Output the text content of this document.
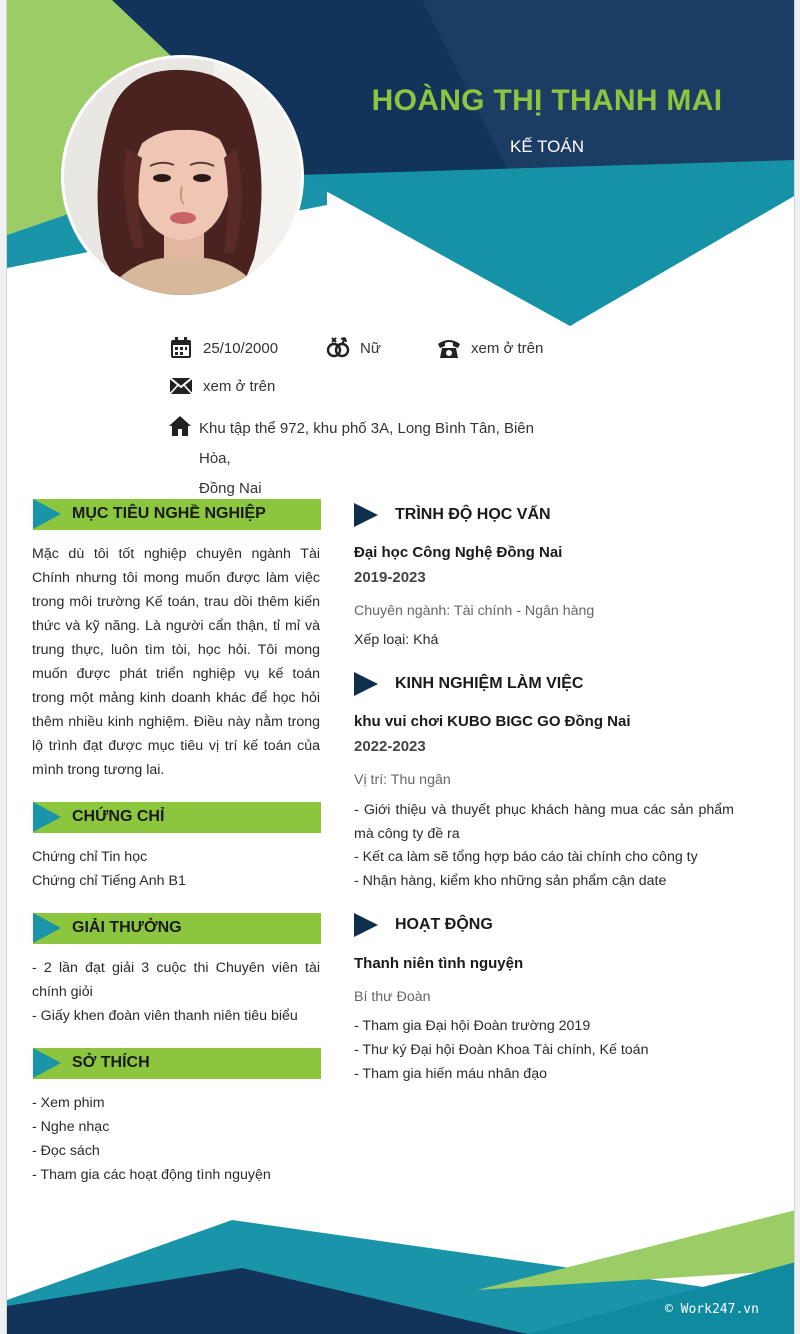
HOÀNG THỊ THANH MAI
KẾ TOÁN
25/10/2000	Nữ	xem ở trên
xem ở trên
Khu tập thể 972, khu phố 3A, Long Bình Tân, Biên Hòa,
Đồng Nai
MỤC TIÊU NGHỀ NGHIỆP
Mặc dù tôi tốt nghiệp chuyên ngành Tài Chính nhưng tôi mong muốn được làm việc trong môi trường Kế toán, trau dồi thêm kiến thức và kỹ năng. Là người cẩn thận, tỉ mỉ và trung thực, luôn tìm tòi, học hỏi. Tôi mong muốn được phát triển nghiệp vụ kế toán trong một mảng kinh doanh khác để học hỏi thêm nhiều kinh nghiệm. Điều này nằm trong lộ trình đạt được mục tiêu vị trí kế toán của mình trong tương lai.
CHỨNG CHỈ
Chứng chỉ Tin học
Chứng chỉ Tiếng Anh B1
GIẢI THƯỞNG
- 2 lần đạt giải 3 cuộc thi Chuyên viên tài chính giỏi
- Giấy khen đoàn viên thanh niên tiêu biểu
SỞ THÍCH
- Xem phim
- Nghe nhạc
- Đọc sách
- Tham gia các hoạt động tình nguyện
TRÌNH ĐỘ HỌC VẤN
Đại học Công Nghệ Đồng Nai
2019-2023
Chuyên ngành: Tài chính - Ngân hàng
Xếp loại: Khá
KINH NGHIỆM LÀM VIỆC
khu vui chơi KUBO BIGC GO Đồng Nai
2022-2023
Vị trí: Thu ngân
- Giới thiệu và thuyết phục khách hàng mua các sản phẩm mà công ty đề ra
- Kết ca làm sẽ tổng hợp báo cáo tài chính cho công ty
- Nhận hàng, kiểm kho những sản phẩm cận date
HOẠT ĐỘNG
Thanh niên tình nguyện
Bí thư Đoàn
- Tham gia Đại hội Đoàn trường 2019
- Thư ký Đại hội Đoàn Khoa Tài chính, Kế toán
- Tham gia hiến máu nhân đạo
© Work247.vn
